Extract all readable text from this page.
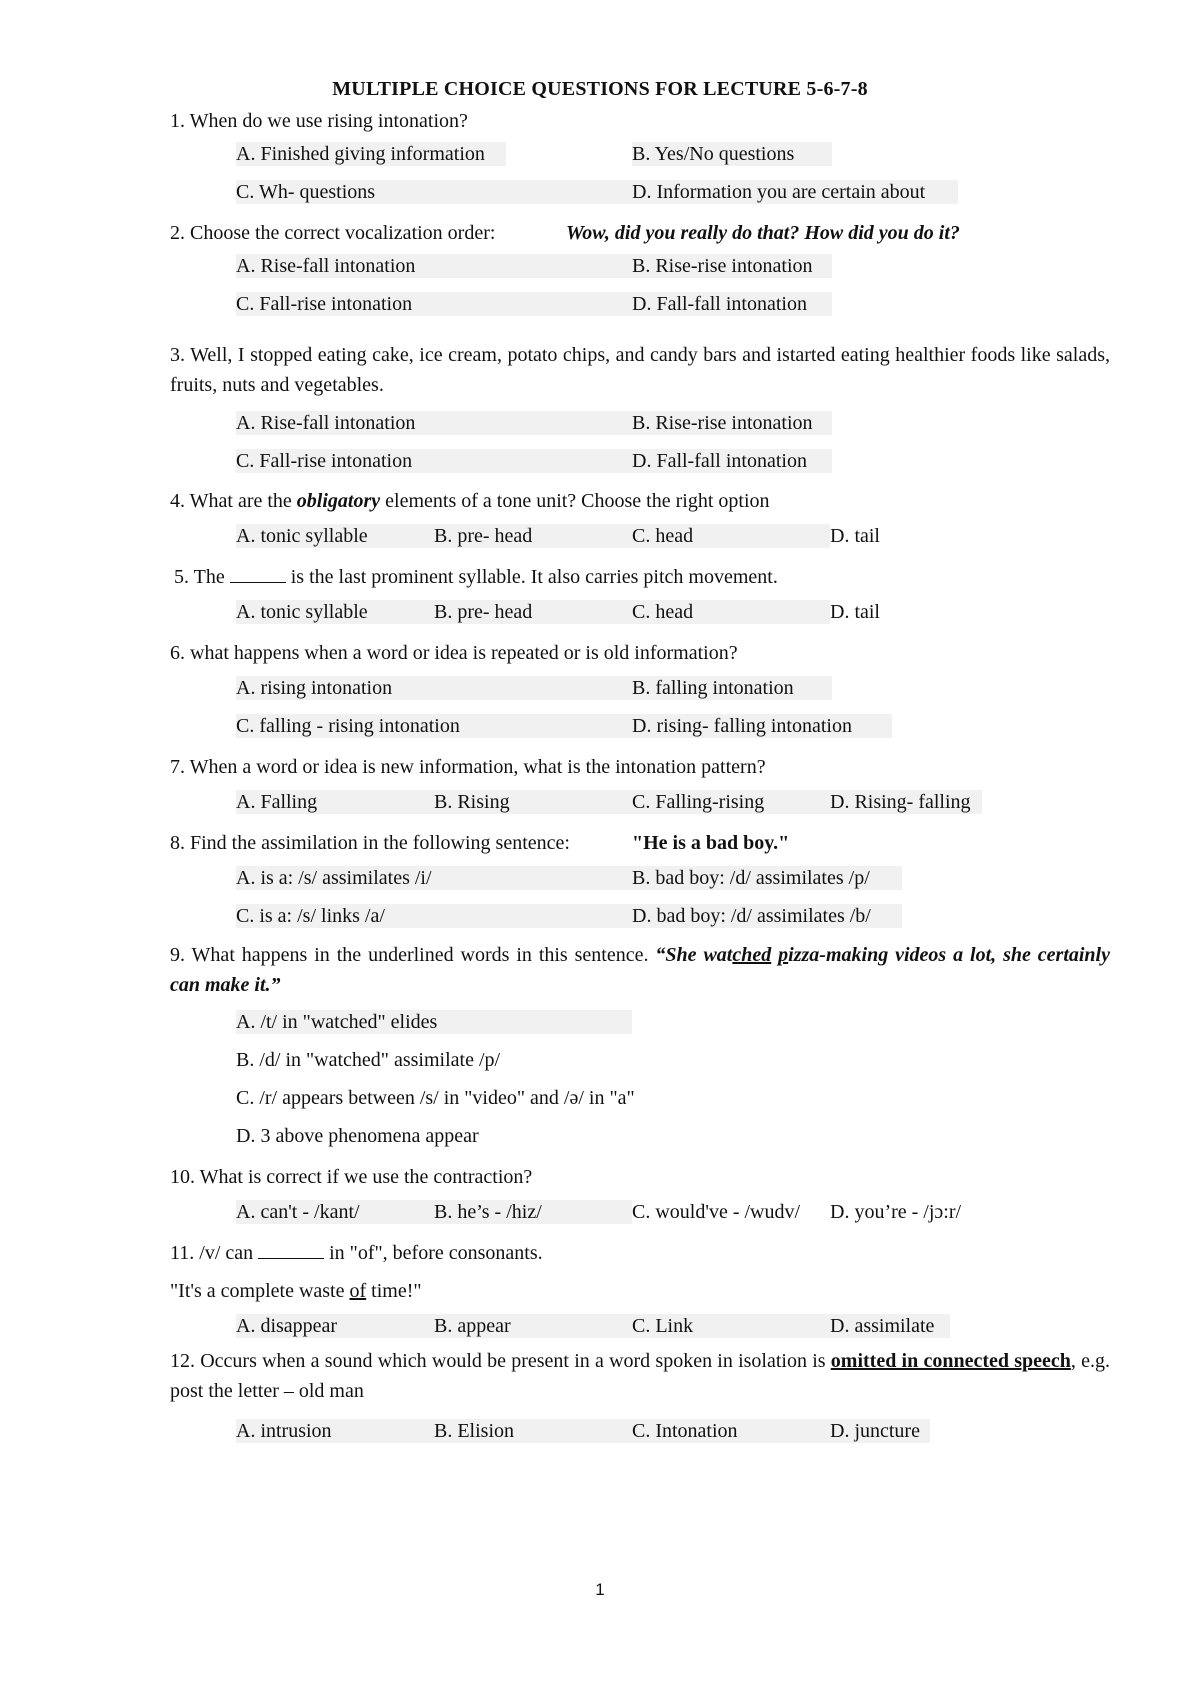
MULTIPLE CHOICE QUESTIONS FOR LECTURE 5-6-7-8
1. When do we use rising intonation?
A. Finished giving information	B. Yes/No questions
C. Wh- questions	D. Information you are certain about
2. Choose the correct vocalization order:	Wow, did you really do that? How did you do it?
A. Rise-fall intonation	B. Rise-rise intonation
C. Fall-rise intonation	D. Fall-fall intonation
3. Well, I stopped eating cake, ice cream, potato chips, and candy bars and istarted eating healthier foods like salads, fruits, nuts and vegetables.
A. Rise-fall intonation	B. Rise-rise intonation
C. Fall-rise intonation	D. Fall-fall intonation
4. What are the obligatory elements of a tone unit? Choose the right option
A. tonic syllable	B. pre- head	C. head	D. tail
5. The	is the last prominent syllable. It also carries pitch movement.
A. tonic syllable	B. pre- head	C. head	D. tail
6. what happens when a word or idea is repeated or is old information?
A. rising intonation	B. falling intonation
C. falling - rising intonation	D. rising- falling intonation
7. When a word or idea is new information, what is the intonation pattern?
A. Falling	B. Rising	C. Falling-rising	D. Rising- falling
8. Find the assimilation in the following sentence:	"He is a bad boy."
A. is a: /s/ assimilates /i/	B. bad boy: /d/ assimilates /p/
C. is a: /s/ links /a/	D. bad boy: /d/ assimilates /b/
9. What happens in the underlined words in this sentence. “She watched pizza-making videos a lot, she certainly can make it.”
A. /t/ in "watched" elides
B. /d/ in "watched" assimilate /p/
C. /r/ appears between /s/ in "video" and /ə/ in "a"
D. 3 above phenomena appear
10. What is correct if we use the contraction?
A. can't - /kant/	B. he’s - /hiz/	C. would've - /wudv/ D. you’re - /jɔ:r/
11. /v/ can	in "of", before consonants.
"It's a complete waste of time!"
A. disappear	B. appear	C. Link	D. assimilate
12. Occurs when a sound which would be present in a word spoken in isolation is omitted in connected speech, e.g. post the letter – old man
A. intrusion	B. Elision	C. Intonation	D. juncture
1
